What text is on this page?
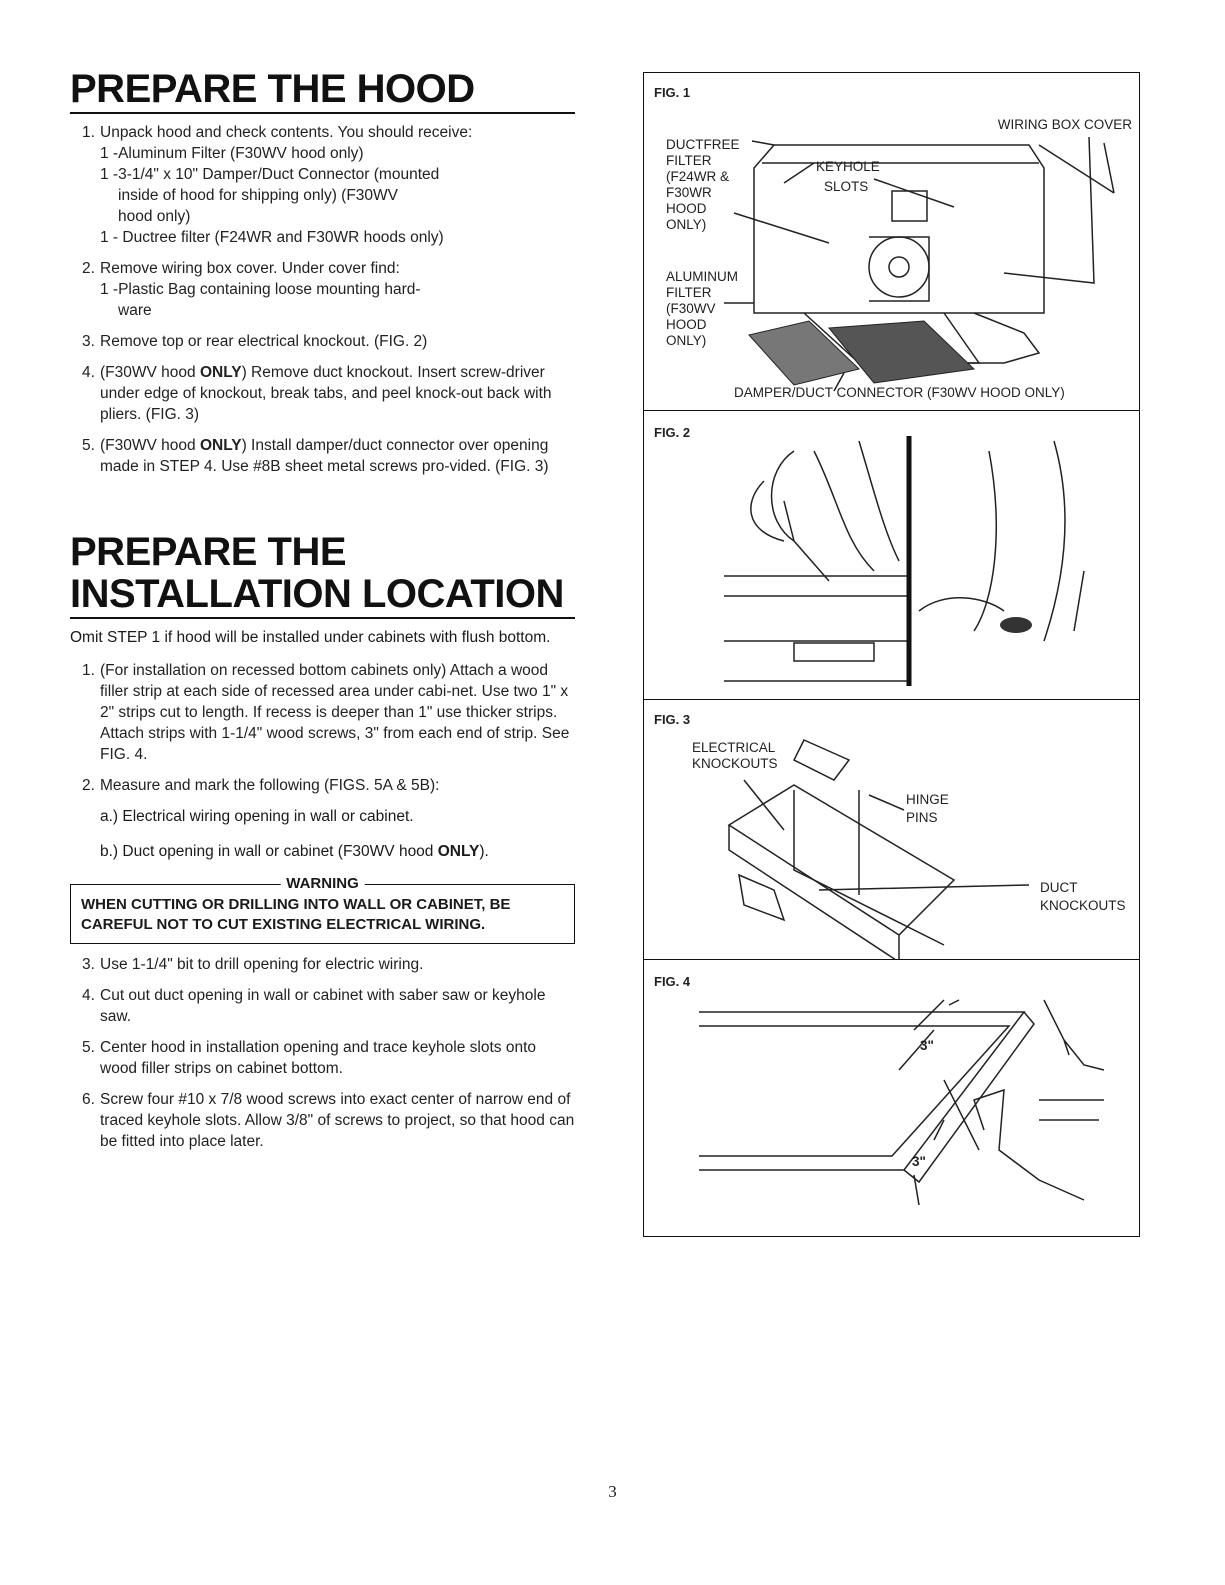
PREPARE THE HOOD
1. Unpack hood and check contents. You should receive:
1 -Aluminum Filter (F30WV hood only)
1 -3-1/4" x 10" Damper/Duct Connector (mounted
inside of hood for shipping only) (F30WV
hood only)
1 - Ductree filter (F24WR and F30WR hoods only)
2. Remove wiring box cover. Under cover find:
1 -Plastic Bag containing loose mounting hard-
ware
3. Remove top or rear electrical knockout. (FIG. 2)
4. (F30WV hood ONLY) Remove duct knockout. Insert screw-driver under edge of knockout, break tabs, and peel knock-out back with pliers. (FIG. 3)
5. (F30WV hood ONLY) Install damper/duct connector over opening made in STEP 4. Use #8B sheet metal screws pro-vided. (FIG. 3)
PREPARE THE
INSTALLATION LOCATION

Omit STEP 1 if hood will be installed under cabinets with flush bottom.

1. (For installation on recessed bottom cabinets only) Attach a wood filler strip at each side of recessed area under cabi-net. Use two 1" x 2" strips cut to length. If recess is deeper than 1" use thicker strips. Attach strips with 1-1/4" wood screws, 3" from each end of strip. See FIG. 4.
2. Measure and mark the following (FIGS. 5A & 5B):
a.) Electrical wiring opening in wall or cabinet.
b.) Duct opening in wall or cabinet (F30WV hood ONLY).
WARNING
WHEN CUTTING OR DRILLING INTO WALL OR CABINET, BE CAREFUL NOT TO CUT EXISTING ELECTRICAL WIRING.
3. Use 1-1/4" bit to drill opening for electric wiring.
4. Cut out duct opening in wall or cabinet with saber saw or keyhole saw.
5. Center hood in installation opening and trace keyhole slots onto wood filler strips on cabinet bottom.
6. Screw four #10 x 7/8 wood screws into exact center of narrow end of traced keyhole slots. Allow 3/8" of screws to project, so that hood can be fitted into place later.
FIG. 1
WIRING BOX COVER
DUCTFREE
FILTER
(F24WR &
F30WR
HOOD
ONLY)
KEYHOLE
SLOTS
ALUMINUM
FILTER
(F30WV
HOOD
ONLY)
DAMPER/DUCT CONNECTOR (F30WV HOOD ONLY)
FIG. 2
FIG. 3
ELECTRICAL
KNOCKOUTS
HINGE
PINS
DUCT
KNOCKOUTS
FIG. 4
3"
3"
3
